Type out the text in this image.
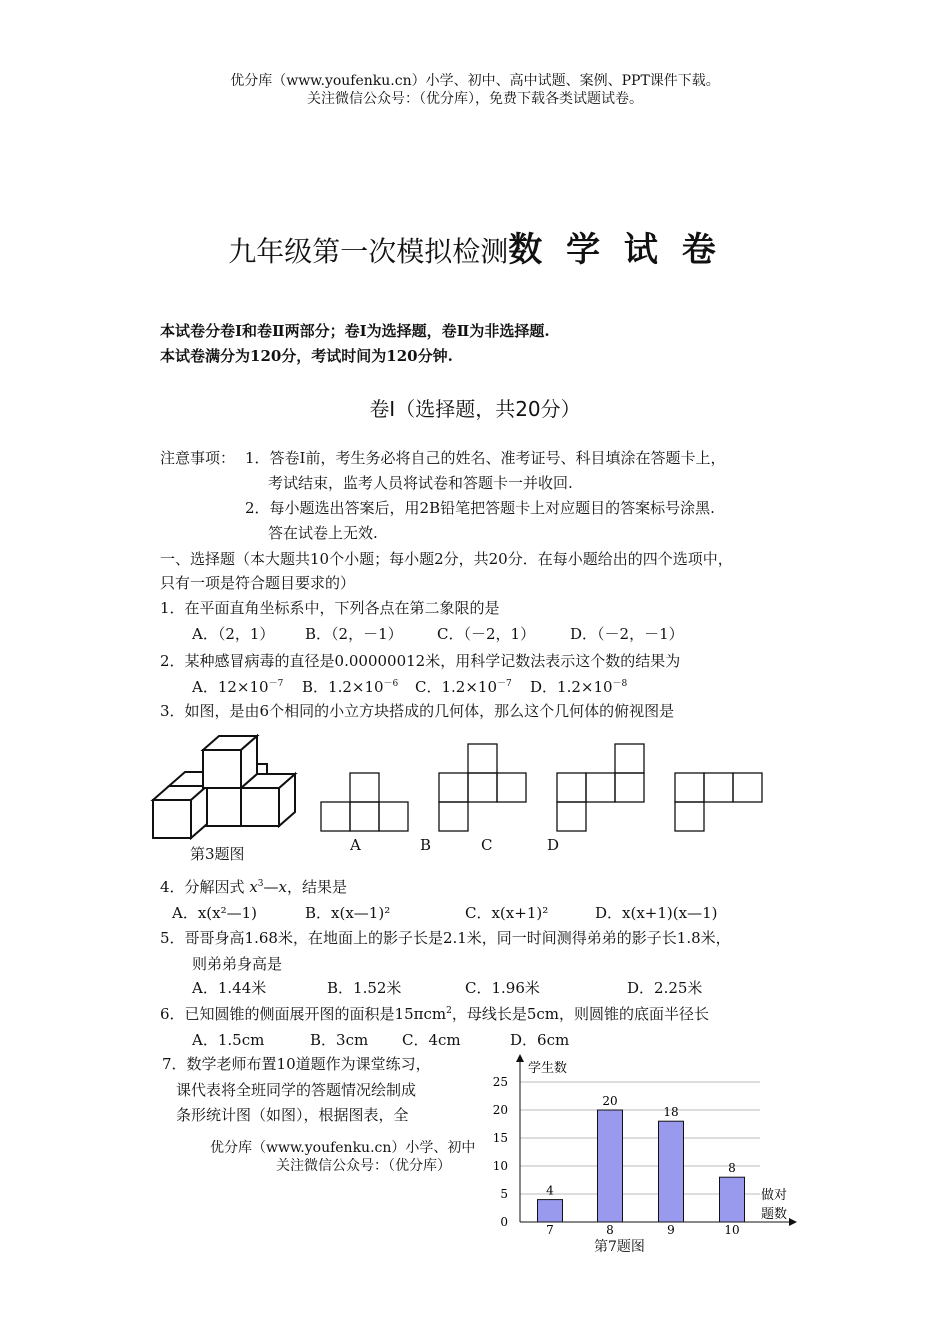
优分库（www.youfenku.cn）小学、初中、高中试题、案例、PPT课件下载。
关注微信公众号：（优分库），免费下载各类试题试卷。
九年级第一次模拟检测数 学 试 卷
本试卷分卷Ⅰ和卷Ⅱ两部分；卷Ⅰ为选择题，卷Ⅱ为非选择题.
本试卷满分为120分，考试时间为120分钟.
卷Ⅰ（选择题，共20分）
注意事项： 1．答卷Ⅰ前，考生务必将自己的姓名、准考证号、科目填涂在答题卡上，
考试结束，监考人员将试卷和答题卡一并收回.
2．每小题选出答案后，用2B铅笔把答题卡上对应题目的答案标号涂黑.
答在试卷上无效.
一、选择题（本大题共10个小题；每小题2分，共20分．在每小题给出的四个选项中，
只有一项是符合题目要求的）
1．在平面直角坐标系中，下列各点在第二象限的是
A．（2，1） B．（2，－1） C．（－2，1） D．（－2，－1）
2．某种感冒病毒的直径是0.00000012米，用科学记数法表示这个数的结果为
A．$12\times 10^{-7}$ B．$1.2\times 10^{-6}$ C．$1.2\times 10^{-7}$ D．$1.2\times 10^{-8}$
3．如图，是由6个相同的小立方块搭成的几何体，那么这个几何体的俯视图是
第3题图	A	B	C	D
4．分解因式 $x^3—x$，结果是
A．x(x²—1)	B．x(x—1)²	C．x(x+1)²	D．x(x+1)(x—1)
5．哥哥身高1.68米，在地面上的影子长是2.1米，同一时间测得弟弟的影子长1.8米，
则弟弟身高是
A．1.44米	B．1.52米	C．1.96米	D．2.25米
6．已知圆锥的侧面展开图的面积是15πcm$^2$，母线长是5cm，则圆锥的底面半径长
A．1.5cm	B．3cm C．4cm	D．6cm
7．数学老师布置10道题作为课堂练习，
课代表将全班同学的答题情况绘制成
条形统计图（如图），根据图表，全
优分库（www.youfenku.cn）小学、初中
关注微信公众号：（优分库）
学生数
做对
题数
0
5
10
15
20
25
4
7
20
8
18
9
8
10
第7题图
